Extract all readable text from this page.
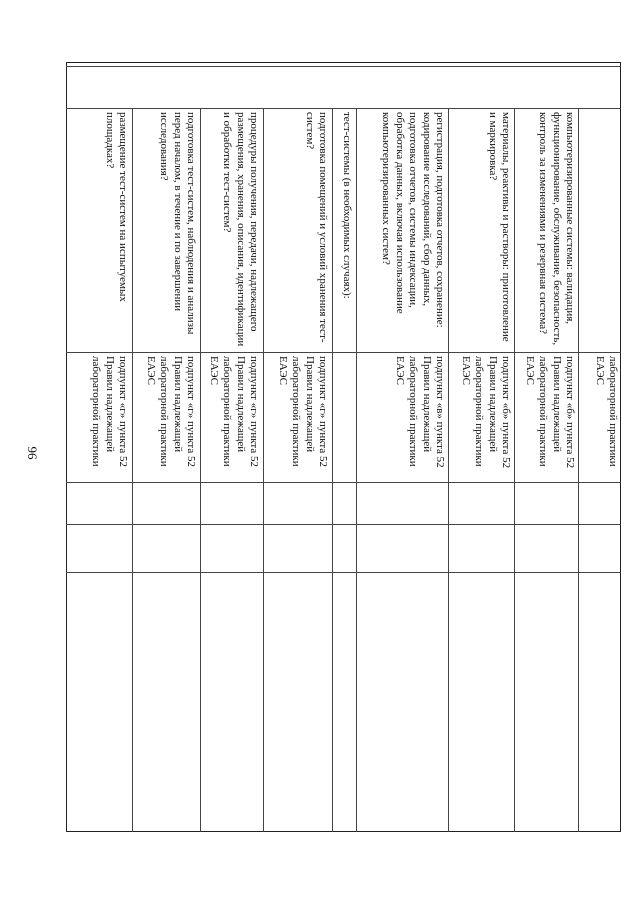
96	лабораторной практики ЕАЭС
компьютеризированные системы: валидация, функционирование, обслуживание, безопасность, контроль за изменениями и резервная система?
подпункт «б» пункта 52 Правил надлежащей лабораторной практики ЕАЭС
материалы, реактивы и растворы: приготовление и маркировка?
подпункт «б» пункта 52 Правил надлежащей лабораторной практики ЕАЭС
регистрация, подготовка отчетов, сохранение: кодирование исследований, сбор данных, подготовка отчетов, системы индексации, обработка данных, включая использование компьютеризированных систем?
подпункт «в» пункта 52 Правил надлежащей лабораторной практики ЕАЭС
тест-системы (в необходимых случаях):
подготовка помещений и условий хранения тест-систем?
подпункт «г» пункта 52 Правил надлежащей лабораторной практики ЕАЭС
процедуры получения, передачи, надлежащего размещения, хранения, описания, идентификации и обработки тест-систем?
подпункт «г» пункта 52 Правил надлежащей лабораторной практики ЕАЭС
подготовка тест-систем, наблюдения и анализы перед началом, в течение и по завершении исследования?
подпункт «г» пункта 52 Правил надлежащей лабораторной практики ЕАЭС
размещение тест-систем на испытуемых площадках?
подпункт «г» пункта 52 Правил надлежащей лабораторной практики
